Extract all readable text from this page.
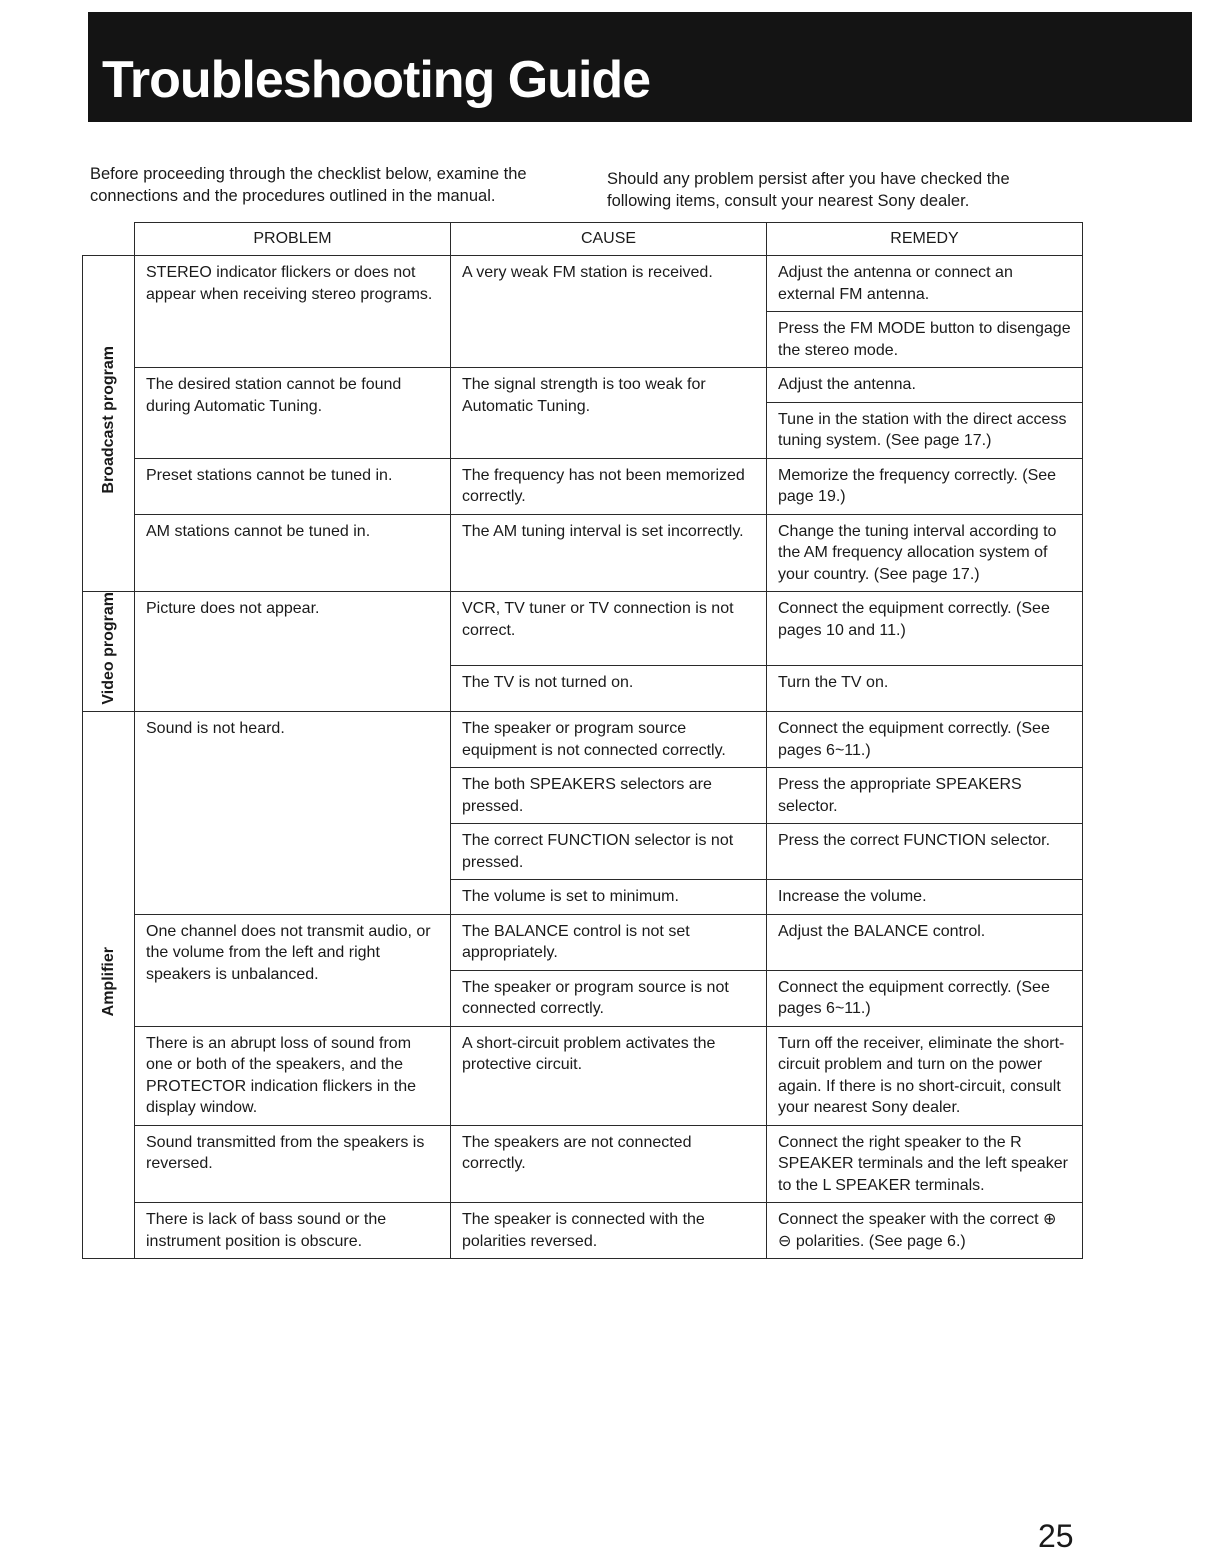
Troubleshooting Guide
Before proceeding through the checklist below, examine the connections and the procedures outlined in the manual.
Should any problem persist after you have checked the following items, consult your nearest Sony dealer.
	PROBLEM	CAUSE	REMEDY
Broadcast program	STEREO indicator flickers or does not appear when receiving stereo programs.	A very weak FM station is received.	Adjust the antenna or connect an external FM antenna.
			Press the FM MODE button to disengage the stereo mode.
	The desired station cannot be found during Automatic Tuning.	The signal strength is too weak for Automatic Tuning.	Adjust the antenna.
			Tune in the station with the direct access tuning system. (See page 17.)
	Preset stations cannot be tuned in.	The frequency has not been memorized correctly.	Memorize the frequency correctly. (See page 19.)
	AM stations cannot be tuned in.	The AM tuning interval is set incorrectly.	Change the tuning interval according to the AM frequency allocation system of your country. (See page 17.)
Video program	Picture does not appear.	VCR, TV tuner or TV connection is not correct.	Connect the equipment correctly. (See pages 10 and 11.)
		The TV is not turned on.	Turn the TV on.
Amplifier	Sound is not heard.	The speaker or program source equipment is not connected correctly.	Connect the equipment correctly. (See pages 6~11.)
		The both SPEAKERS selectors are pressed.	Press the appropriate SPEAKERS selector.
		The correct FUNCTION selector is not pressed.	Press the correct FUNCTION selector.
		The volume is set to minimum.	Increase the volume.
	One channel does not transmit audio, or the volume from the left and right speakers is unbalanced.	The BALANCE control is not set appropriately.	Adjust the BALANCE control.
		The speaker or program source is not connected correctly.	Connect the equipment correctly. (See pages 6~11.)
	There is an abrupt loss of sound from one or both of the speakers, and the PROTECTOR indication flickers in the display window.	A short-circuit problem activates the protective circuit.	Turn off the receiver, eliminate the short-circuit problem and turn on the power again. If there is no short-circuit, consult your nearest Sony dealer.
	Sound transmitted from the speakers is reversed.	The speakers are not connected correctly.	Connect the right speaker to the R SPEAKER terminals and the left speaker to the L SPEAKER terminals.
	There is lack of bass sound or the instrument position is obscure.	The speaker is connected with the polarities reversed.	Connect the speaker with the correct ⊕ ⊖ polarities. (See page 6.)
25
